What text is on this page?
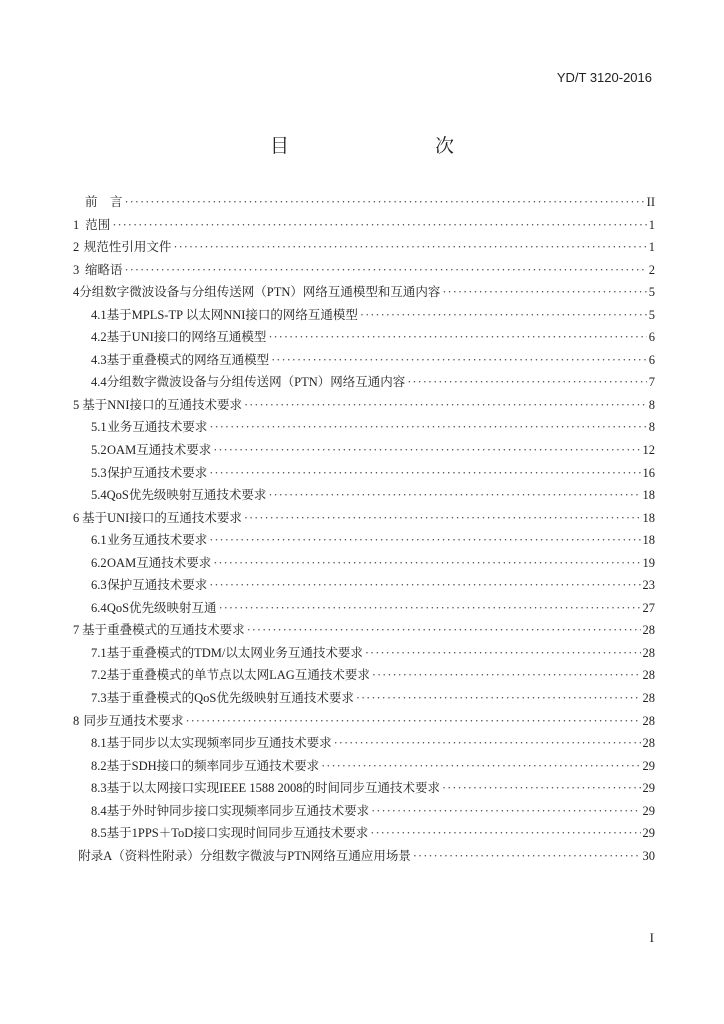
YD/T 3120-2016
目　　次
前　言 ·····	II
1 范围 ·····	1
2 规范性引用文件 ·····	1
3 缩略语 ·····	2
4 分组数字微波设备与分组传送网（PTN）网络互通模型和互通内容 ·····	5
4.1 基于MPLS-TP 以太网NNI接口的网络互通模型 ·····	5
4.2 基于UNI接口的网络互通模型 ·····	6
4.3 基于重叠模式的网络互通模型 ·····	6
4.4 分组数字微波设备与分组传送网（PTN）网络互通内容 ·····	7
5 基于NNI接口的互通技术要求 ·····	8
5.1 业务互通技术要求 ·····	8
5.2 OAM互通技术要求 ·····	12
5.3 保护互通技术要求 ·····	16
5.4 QoS优先级映射互通技术要求 ·····	18
6 基于UNI接口的互通技术要求 ·····	18
6.1 业务互通技术要求 ·····	18
6.2 OAM互通技术要求 ·····	19
6.3 保护互通技术要求 ·····	23
6.4 QoS优先级映射互通 ·····	27
7 基于重叠模式的互通技术要求 ·····	28
7.1 基于重叠模式的TDM/以太网业务互通技术要求 ·····	28
7.2 基于重叠模式的单节点以太网LAG互通技术要求 ·····	28
7.3 基于重叠模式的QoS优先级映射互通技术要求 ·····	28
8 同步互通技术要求 ·····	28
8.1 基于同步以太实现频率同步互通技术要求 ·····	28
8.2 基于SDH接口的频率同步互通技术要求 ·····	29
8.3 基于以太网接口实现IEEE 1588 2008的时间同步互通技术要求 ·····	29
8.4 基于外时钟同步接口实现频率同步互通技术要求 ·····	29
8.5 基于1PPS＋ToD接口实现时间同步互通技术要求 ·····	29
附录A（资料性附录）分组数字微波与PTN网络互通应用场景 ·····	30
I
